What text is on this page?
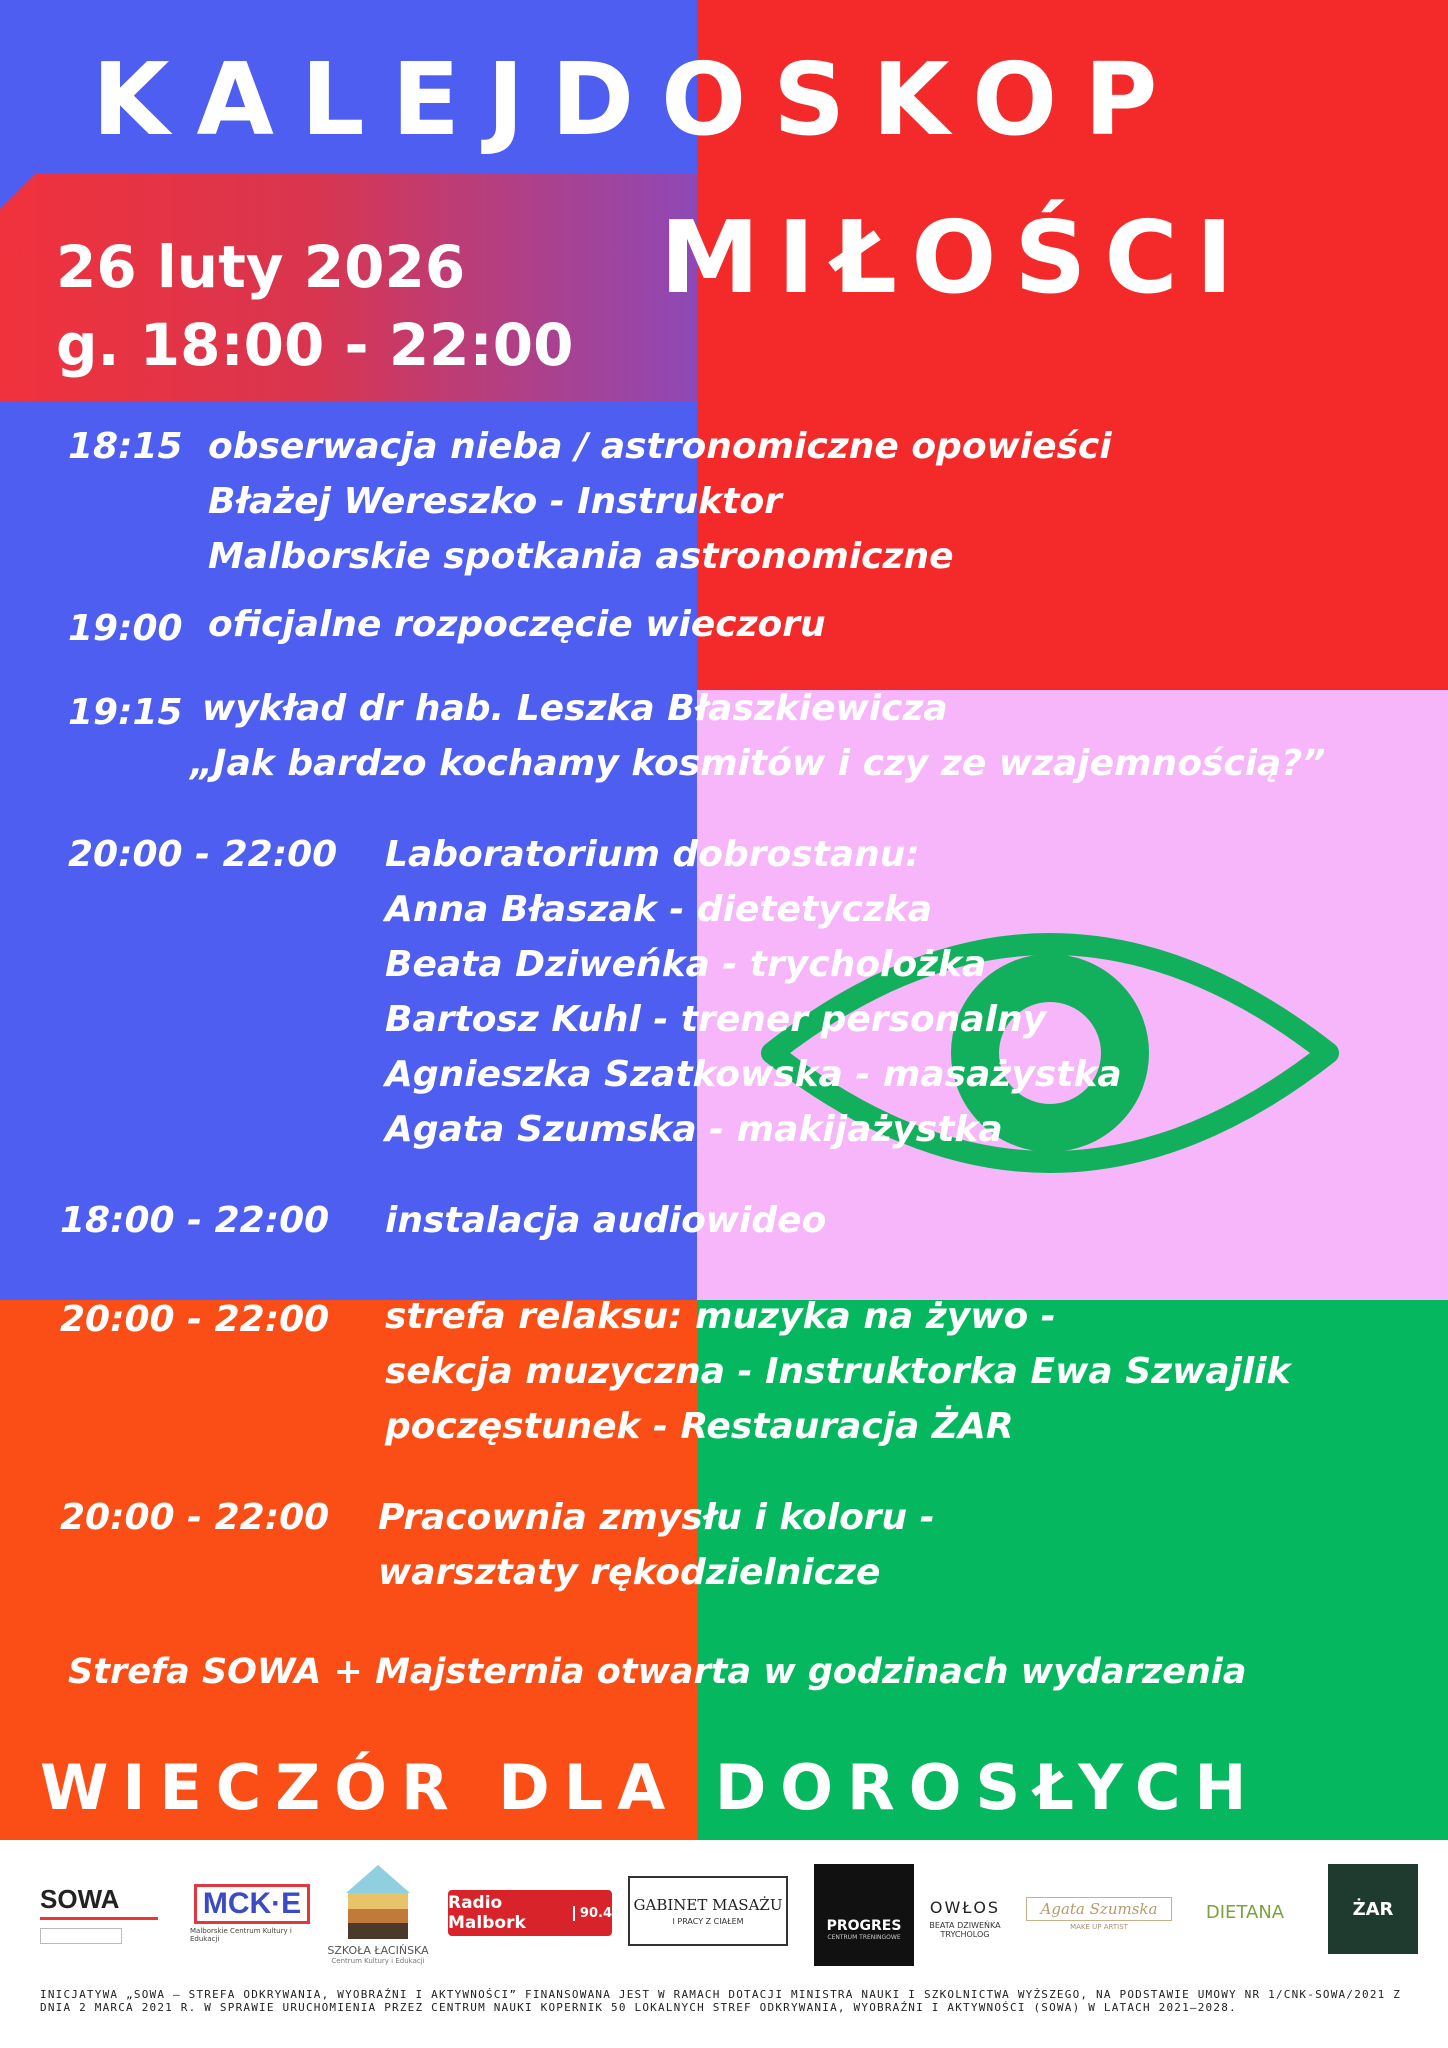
KALEJDOSKOP
MIŁOŚCI
26 luty 2026
g. 18:00 - 22:00
18:15 obserwacja nieba / astronomiczne opowieści
Błażej Wereszko - Instruktor
Malborskie spotkania astronomiczne
19:00 oficjalne rozpoczęcie wieczoru
19:15 wykład dr hab. Leszka Błaszkiewicza
„Jak bardzo kochamy kosmitów i czy ze wzajemnością?”
20:00 - 22:00 Laboratorium dobrostanu:
Anna Błaszak - dietetyczka
Beata Dziweńka - trycholożka
Bartosz Kuhl - trener personalny
Agnieszka Szatkowska - masażystka
Agata Szumska - makijażystka
18:00 - 22:00 instalacja audiowideo
20:00 - 22:00 strefa relaksu: muzyka na żywo -
sekcja muzyczna - Instruktorka Ewa Szwajlik
poczęstunek - Restauracja ŻAR
20:00 - 22:00 Pracownia zmysłu i koloru -
warsztaty rękodzielnicze
Strefa SOWA + Majsternia otwarta w godzinach wydarzenia
WIECZÓR DLA DOROSŁYCH
SOWA	MCK·E
Malborskie Centrum Kultury i Edukacji
SZKOŁA ŁACIŃSKA
Centrum Kultury i Edukacji
Radio Malbork	90.4 GABINET MASAŻU
I PRACY Z CIAŁEM	PROGRES
CENTRUM TRENINGOWE
OWŁOS
BEATA DZIWEŃKA TRYCHOLOG
Agata Szumska
MAKE UP ARTIST
DIETANA	ŻAR
INICJATYWA „SOWA – STREFA ODKRYWANIA, WYOBRAŹNI I AKTYWNOŚCI” FINANSOWANA JEST W RAMACH DOTACJI MINISTRA NAUKI I SZKOLNICTWA WYŻSZEGO, NA PODSTAWIE UMOWY NR 1/CNK-SOWA/2021 Z DNIA 2 MARCA 2021 R. W SPRAWIE URUCHOMIENIA PRZEZ CENTRUM NAUKI KOPERNIK 50 LOKALNYCH STREF ODKRYWANIA, WYOBRAŹNI I AKTYWNOŚCI (SOWA) W LATACH 2021–2028.
